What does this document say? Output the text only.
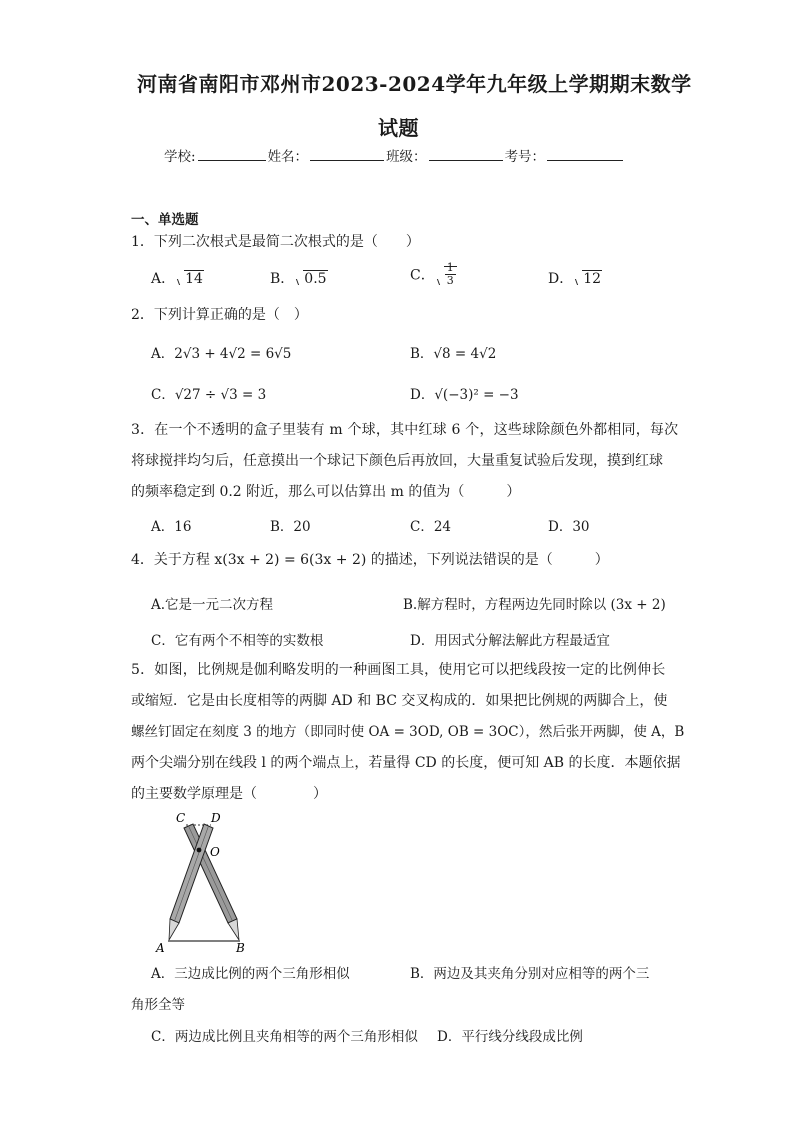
河南省南阳市邓州市2023-2024学年九年级上学期期末数学
试题
学校:	姓名：	班级：	考号：
一、单选题
1．下列二次根式是最简二次根式的是（　　）
A． 14	B． 0.5	C． $\frac{1}{3}$	D． 12
2．下列计算正确的是（　）
A．2√3 + 4√2 = 6√5	B．√8 = 4√2
C．√27 ÷ √3 = 3	D．√(−3)² = −3
3．在一个不透明的盒子里装有 m 个球，其中红球 6 个，这些球除颜色外都相同，每次
将球搅拌均匀后，任意摸出一个球记下颜色后再放回，大量重复试验后发现，摸到红球
的频率稳定到 0.2 附近，那么可以估算出 m 的值为（　　　）
A．16	B．20	C．24	D．30
4．关于方程 x(3x + 2) = 6(3x + 2) 的描述，下列说法错误的是（　　　）
A.它是一元二次方程	B.解方程时，方程两边先同时除以 (3x + 2)
C．它有两个不相等的实数根	D．用因式分解法解此方程最适宜
5．如图，比例规是伽利略发明的一种画图工具，使用它可以把线段按一定的比例伸长
或缩短．它是由长度相等的两脚 AD 和 BC 交叉构成的．如果把比例规的两脚合上，使
螺丝钉固定在刻度 3 的地方（即同时使 OA = 3OD, OB = 3OC），然后张开两脚，使 A，B
两个尖端分别在线段 l 的两个端点上，若量得 CD 的长度，便可知 AB 的长度．本题依据
的主要数学原理是（　　　　）
C D
O
A	B
A．三边成比例的两个三角形相似	B．两边及其夹角分别对应相等的两个三
角形全等
C．两边成比例且夹角相等的两个三角形相似 D．平行线分线段成比例
